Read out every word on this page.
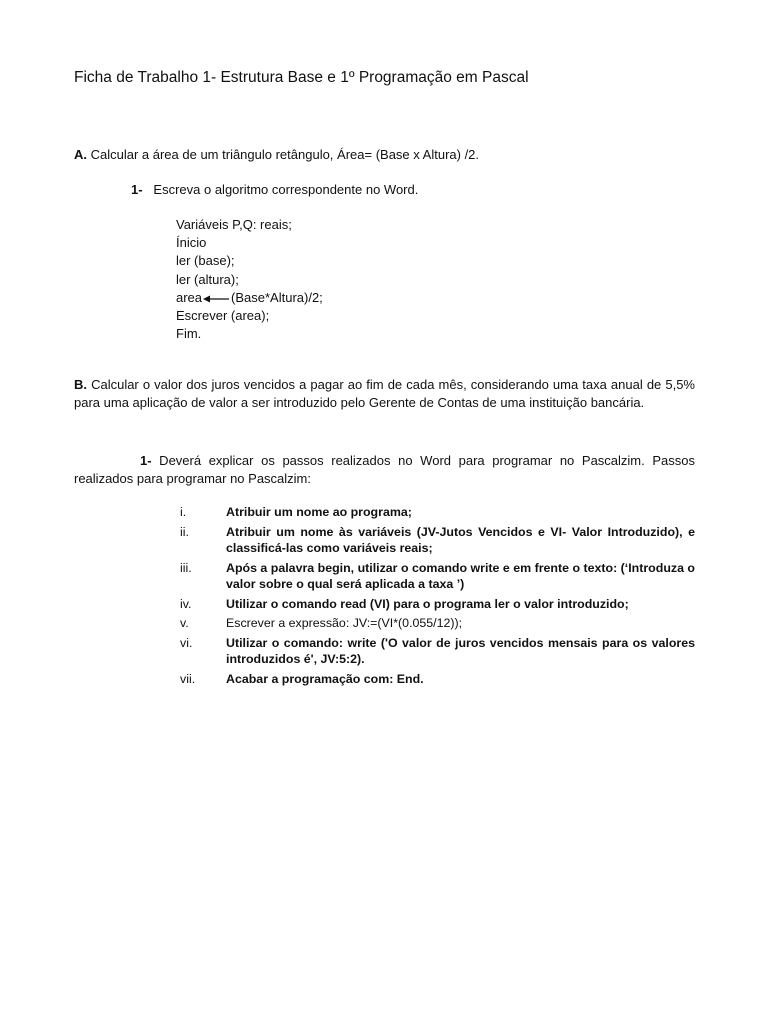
Ficha de Trabalho 1- Estrutura Base e 1º Programação em Pascal
A. Calcular a área de um triângulo retângulo, Área= (Base x Altura) /2.
1- Escreva o algoritmo correspondente no Word.
Variáveis P,Q: reais;
Ínicio
ler (base);
ler (altura);
area (Base*Altura)/2;
Escrever (area);
Fim.
B. Calcular o valor dos juros vencidos a pagar ao fim de cada mês, considerando uma taxa anual de 5,5% para uma aplicação de valor a ser introduzido pelo Gerente de Contas de uma instituição bancária.
1- Deverá explicar os passos realizados no Word para programar no Pascalzim. Passos realizados para programar no Pascalzim:
i.	Atribuir um nome ao programa;
ii.	Atribuir um nome às variáveis (JV-Jutos Vencidos e VI- Valor Introduzido), e classificá-las como variáveis reais;
iii.	Após a palavra begin, utilizar o comando write e em frente o texto: (‘Introduza o valor sobre o qual será aplicada a taxa ’)
iv.	Utilizar o comando read (VI) para o programa ler o valor introduzido;
v.	Escrever a expressão: JV:=(VI*(0.055/12));
vi.	Utilizar o comando: write ('O valor de juros vencidos mensais para os valores introduzidos é', JV:5:2).
vii.	Acabar a programação com: End.
